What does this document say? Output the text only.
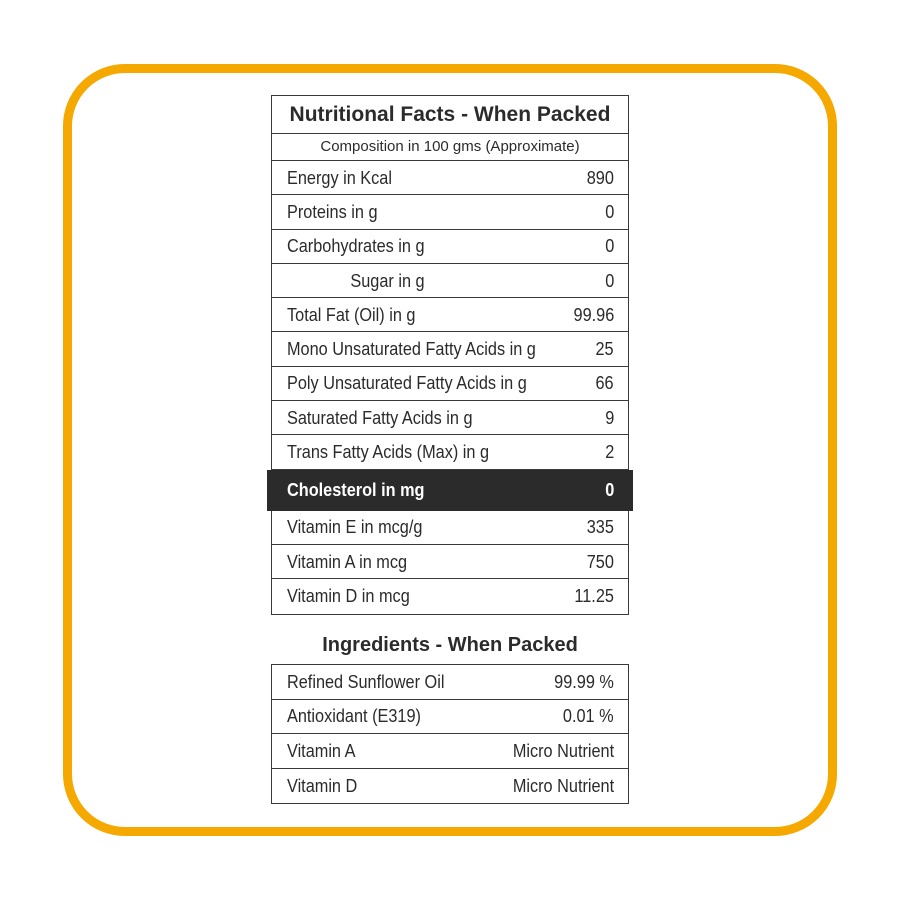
Nutritional Facts - When Packed
Composition in 100 gms (Approximate)
Energy in Kcal	890
Proteins in g	0
Carbohydrates in g	0
Sugar in g	0
Total Fat (Oil) in g	99.96
Mono Unsaturated Fatty Acids in g	25
Poly Unsaturated Fatty Acids in g	66
Saturated Fatty Acids in g	9
Trans Fatty Acids (Max) in g	2
Cholesterol in mg	0
Vitamin E in mcg/g	335
Vitamin A in mcg	750
Vitamin D in mcg	11.25
Ingredients - When Packed
Refined Sunflower Oil	99.99 %
Antioxidant (E319)	0.01 %
Vitamin A	Micro Nutrient
Vitamin D	Micro Nutrient
